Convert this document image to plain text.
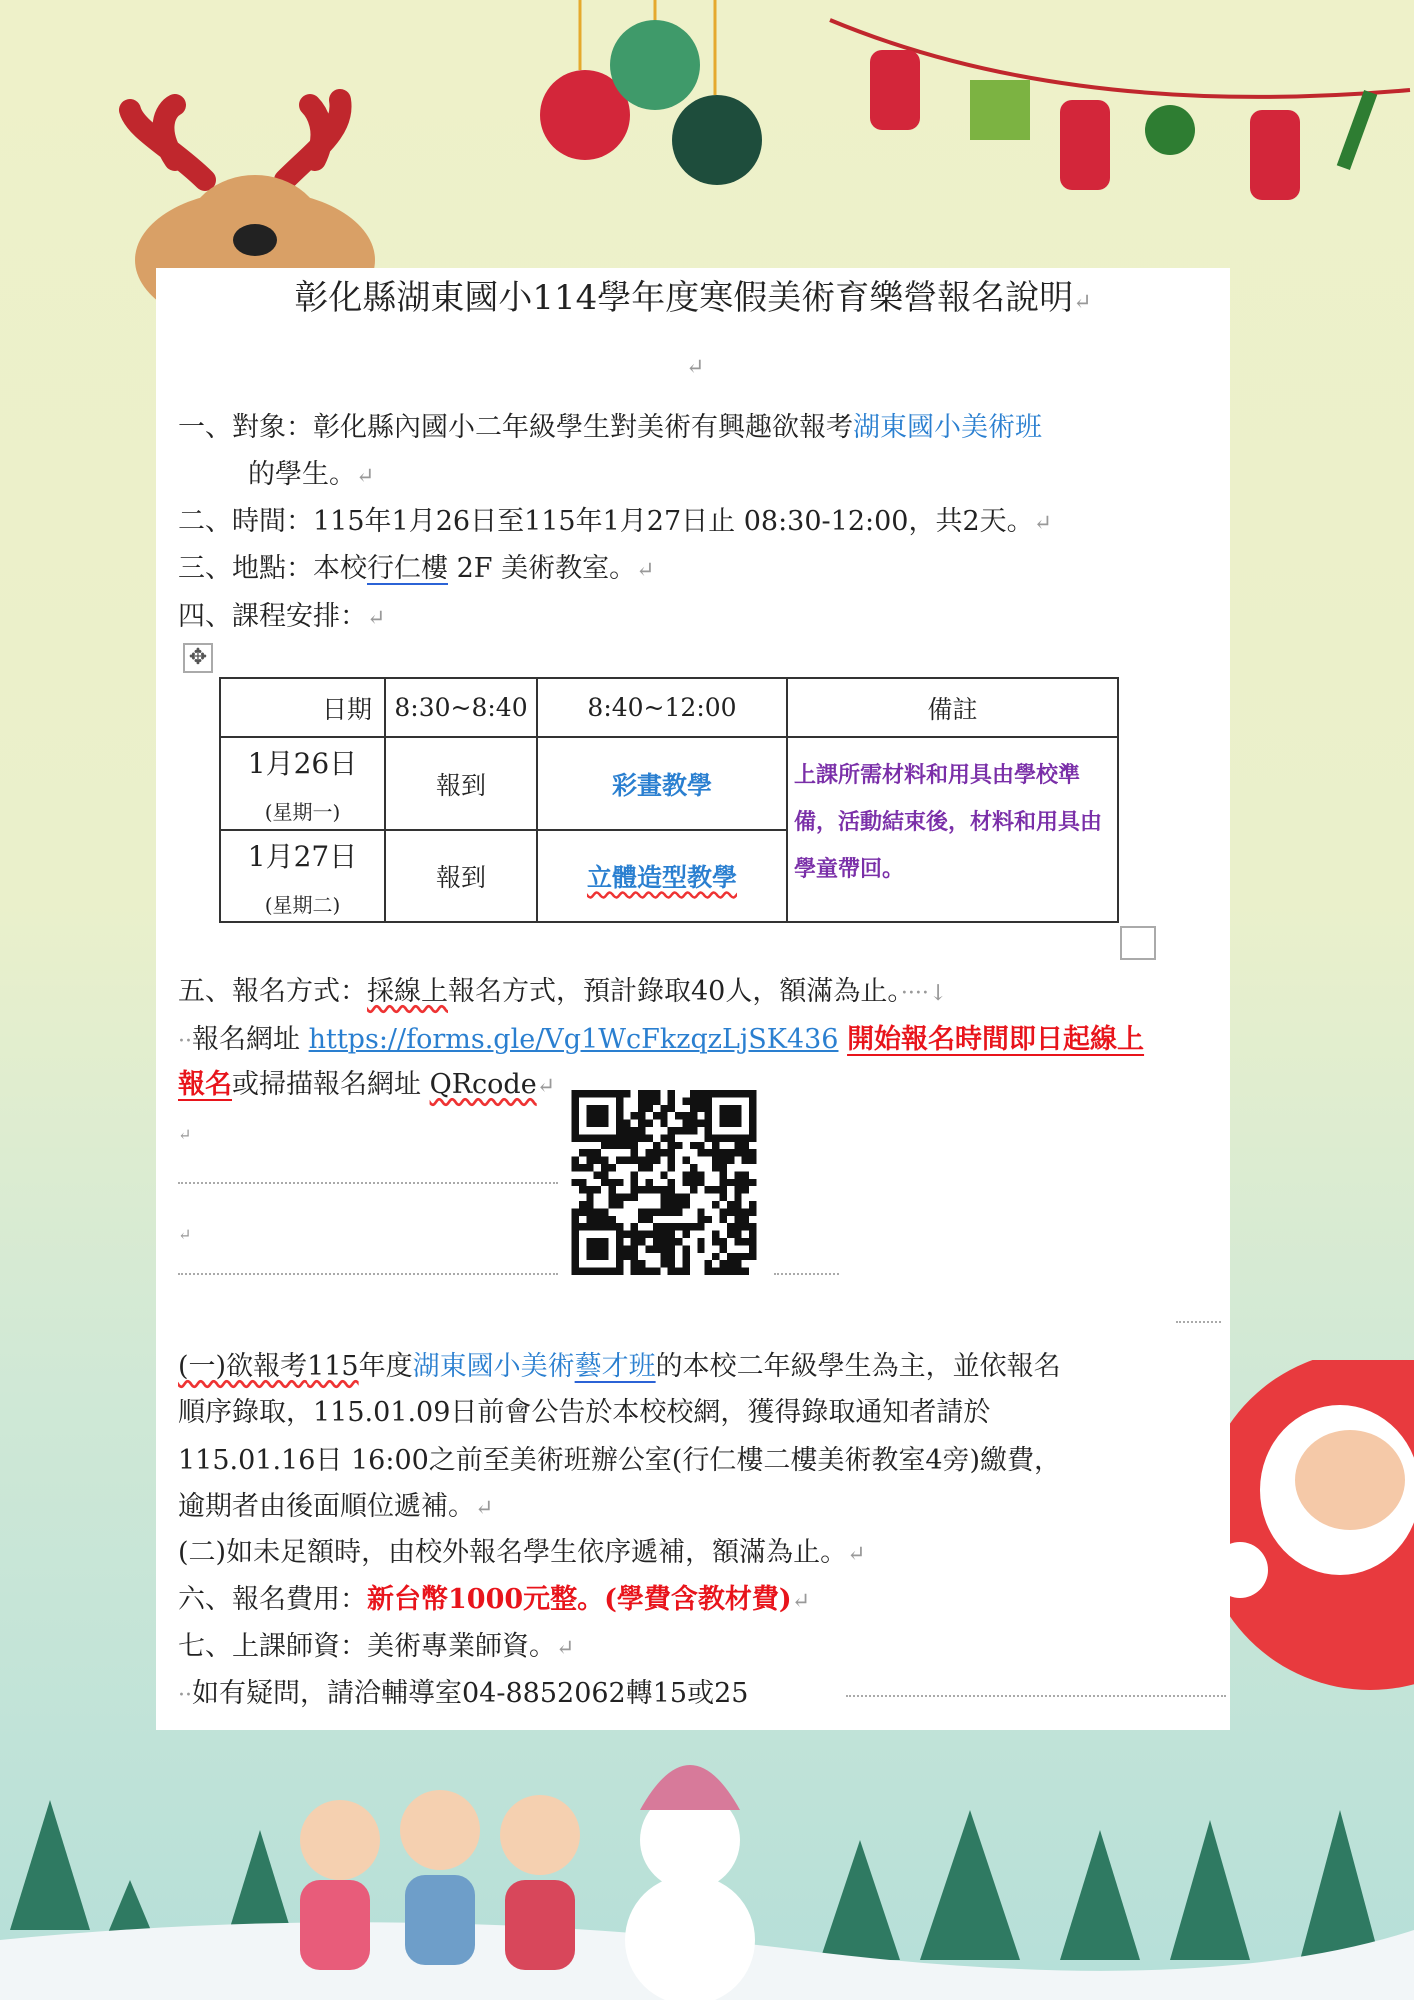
彰化縣湖東國小114學年度寒假美術育樂營報名說明↵
↵
一、對象：彰化縣內國小二年級學生對美術有興趣欲報考湖東國小美術班
的學生。↵
二、時間：115年1月26日至115年1月27日止 08:30-12:00，共2天。↵
三、地點：本校行仁樓 2F 美術教室。↵
四、課程安排：↵
✥
日期	8:30~8:40	8:40~12:00	備註

1月26日
(星期一)	報到	彩畫教學	上課所需材料和用具由學校準備，活動結束後，材料和用具由學童帶回。

1月27日
(星期二)	報到	立體造型教學	
五、報名方式：採線上報名方式，預計錄取40人，額滿為止。····↓
··報名網址 https://forms.gle/Vg1WcFkzqzLjSK436 開始報名時間即日起線上
報名或掃描報名網址 QRcode↵
↵
↵
(一)欲報考115年度湖東國小美術藝才班的本校二年級學生為主，並依報名
順序錄取，115.01.09日前會公告於本校校網，獲得錄取通知者請於
115.01.16日 16:00之前至美術班辦公室(行仁樓二樓美術教室4旁)繳費，
逾期者由後面順位遞補。↵
(二)如未足額時，由校外報名學生依序遞補，額滿為止。↵
六、報名費用：新台幣1000元整。(學費含教材費)↵
七、上課師資：美術專業師資。↵
··如有疑問，請洽輔導室04-8852062轉15或25
